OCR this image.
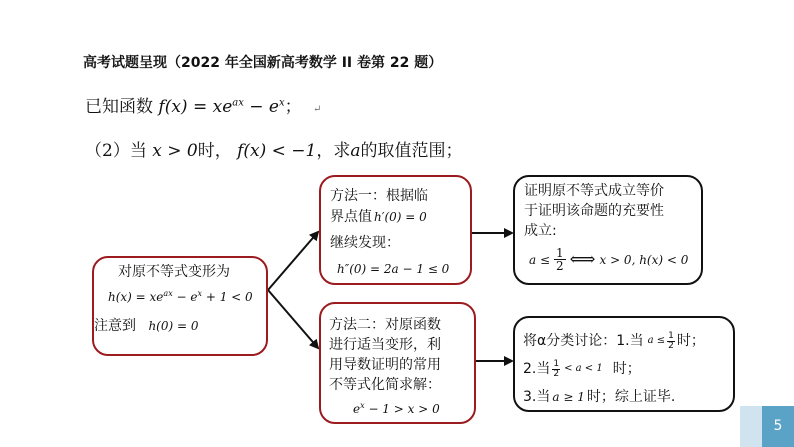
高考试题呈现（2022 年全国新高考数学 II 卷第 22 题）
已知函数 $f(x) = xe^{ax} - e^x$； ↵
（2）当 x > 0时， f(x) < −1，求a的取值范围；
对原不等式变形为
$h(x) = xe^{ax} - e^x + 1 < 0$
注意到 h(0) = 0
方法一：根据临
界点值 h′(0) = 0
继续发现：
h″(0) = 2a − 1 ≤ 0
方法二：对原函数
进行适当变形，利
用导数证明的常用
不等式化简求解：
$e^x - 1 > x > 0$
证明原不等式成立等价
于证明该命题的充要性
成立:
$a \le \frac{1}{2}$ ⟺ x > 0, h(x) < 0
将α分类讨论：1.当 $a \le \frac{1}{2}$ 时；
2.当 1
2 < a < 1 时；
3.当 a ≥ 1 时；综上证毕.
5
